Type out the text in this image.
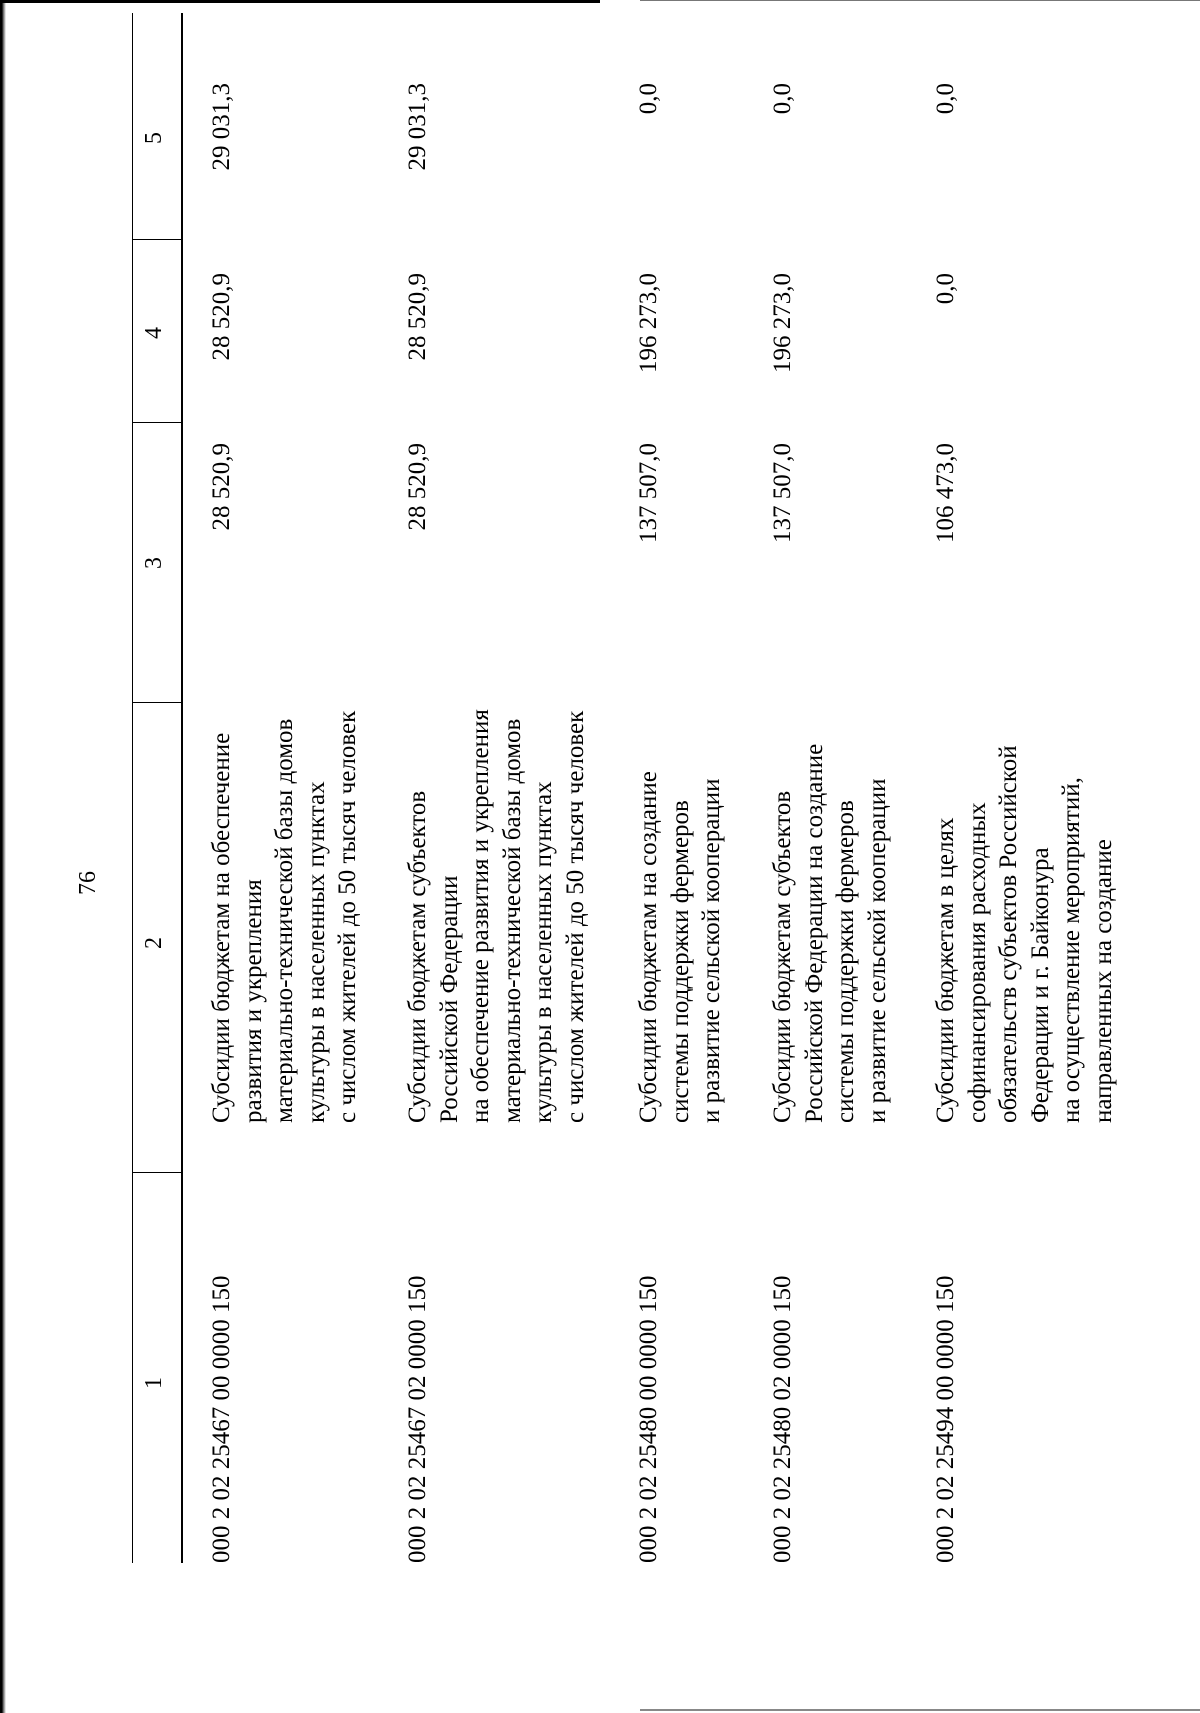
76
1
2
3
4
5
000 2 02 25467 00 0000 150
Субсидии бюджетам на обеспечение развития и укрепления материально-технической базы домов культуры в населенных пунктах с числом жителей до 50 тысяч человек
28 520,9
28 520,9
29 031,3
000 2 02 25467 02 0000 150
Субсидии бюджетам субъектов Российской Федерации на обеспечение развития и укрепления материально-технической базы домов культуры в населенных пунктах с числом жителей до 50 тысяч человек
28 520,9
28 520,9
29 031,3
000 2 02 25480 00 0000 150
Субсидии бюджетам на создание системы поддержки фермеров и развитие сельской кооперации
137 507,0
196 273,0
0,0
000 2 02 25480 02 0000 150
Субсидии бюджетам субъектов Российской Федерации на создание системы поддержки фермеров и развитие сельской кооперации
137 507,0
196 273,0
0,0
000 2 02 25494 00 0000 150
Субсидии бюджетам в целях софинансирования расходных обязательств субъектов Российской Федерации и г. Байконура на осуществление мероприятий, направленных на создание
106 473,0
0,0
0,0
